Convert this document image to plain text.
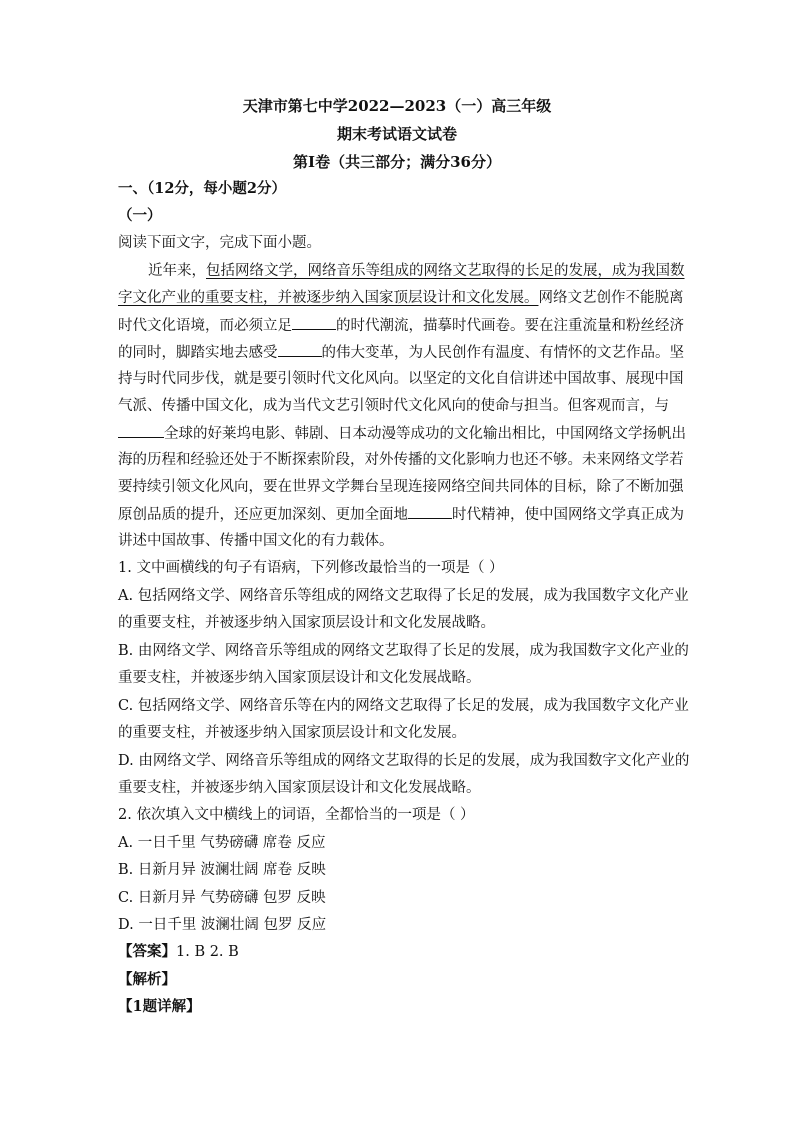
天津市第七中学2022—2023（一）高三年级
期末考试语文试卷
第Ⅰ卷（共三部分；满分36分）
一、（12分，每小题2分）
（一）
阅读下面文字，完成下面小题。
近年来，包括网络文学，网络音乐等组成的网络文艺取得的长足的发展，成为我国数
字文化产业的重要支柱，并被逐步纳入国家顶层设计和文化发展。网络文艺创作不能脱离
时代文化语境，而必须立足	的时代潮流，描摹时代画卷。要在注重流量和粉丝经济
的同时，脚踏实地去感受	的伟大变革，为人民创作有温度、有情怀的文艺作品。坚
持与时代同步伐，就是要引领时代文化风向。以坚定的文化自信讲述中国故事、展现中国
气派、传播中国文化，成为当代文艺引领时代文化风向的使命与担当。但客观而言，与
全球的好莱坞电影、韩剧、日本动漫等成功的文化输出相比，中国网络文学扬帆出
海的历程和经验还处于不断探索阶段，对外传播的文化影响力也还不够。未来网络文学若
要持续引领文化风向，要在世界文学舞台呈现连接网络空间共同体的目标，除了不断加强
原创品质的提升，还应更加深刻、更加全面地	时代精神，使中国网络文学真正成为
讲述中国故事、传播中国文化的有力载体。
1. 文中画横线的句子有语病，下列修改最恰当的一项是（ ）
A. 包括网络文学、网络音乐等组成的网络文艺取得了长足的发展，成为我国数字文化产业
的重要支柱，并被逐步纳入国家顶层设计和文化发展战略。
B. 由网络文学、网络音乐等组成的网络文艺取得了长足的发展，成为我国数字文化产业的
重要支柱，并被逐步纳入国家顶层设计和文化发展战略。
C. 包括网络文学、网络音乐等在内的网络文艺取得了长足的发展，成为我国数字文化产业
的重要支柱，并被逐步纳入国家顶层设计和文化发展。
D. 由网络文学、网络音乐等组成的网络文艺取得的长足的发展，成为我国数字文化产业的
重要支柱，并被逐步纳入国家顶层设计和文化发展战略。
2. 依次填入文中横线上的词语，全都恰当的一项是（ ）
A. 一日千里 气势磅礴 席卷 反应
B. 日新月异 波澜壮阔 席卷 反映
C. 日新月异 气势磅礴 包罗 反映
D. 一日千里 波澜壮阔 包罗 反应
【答案】1. B 2. B
【解析】
【1题详解】
